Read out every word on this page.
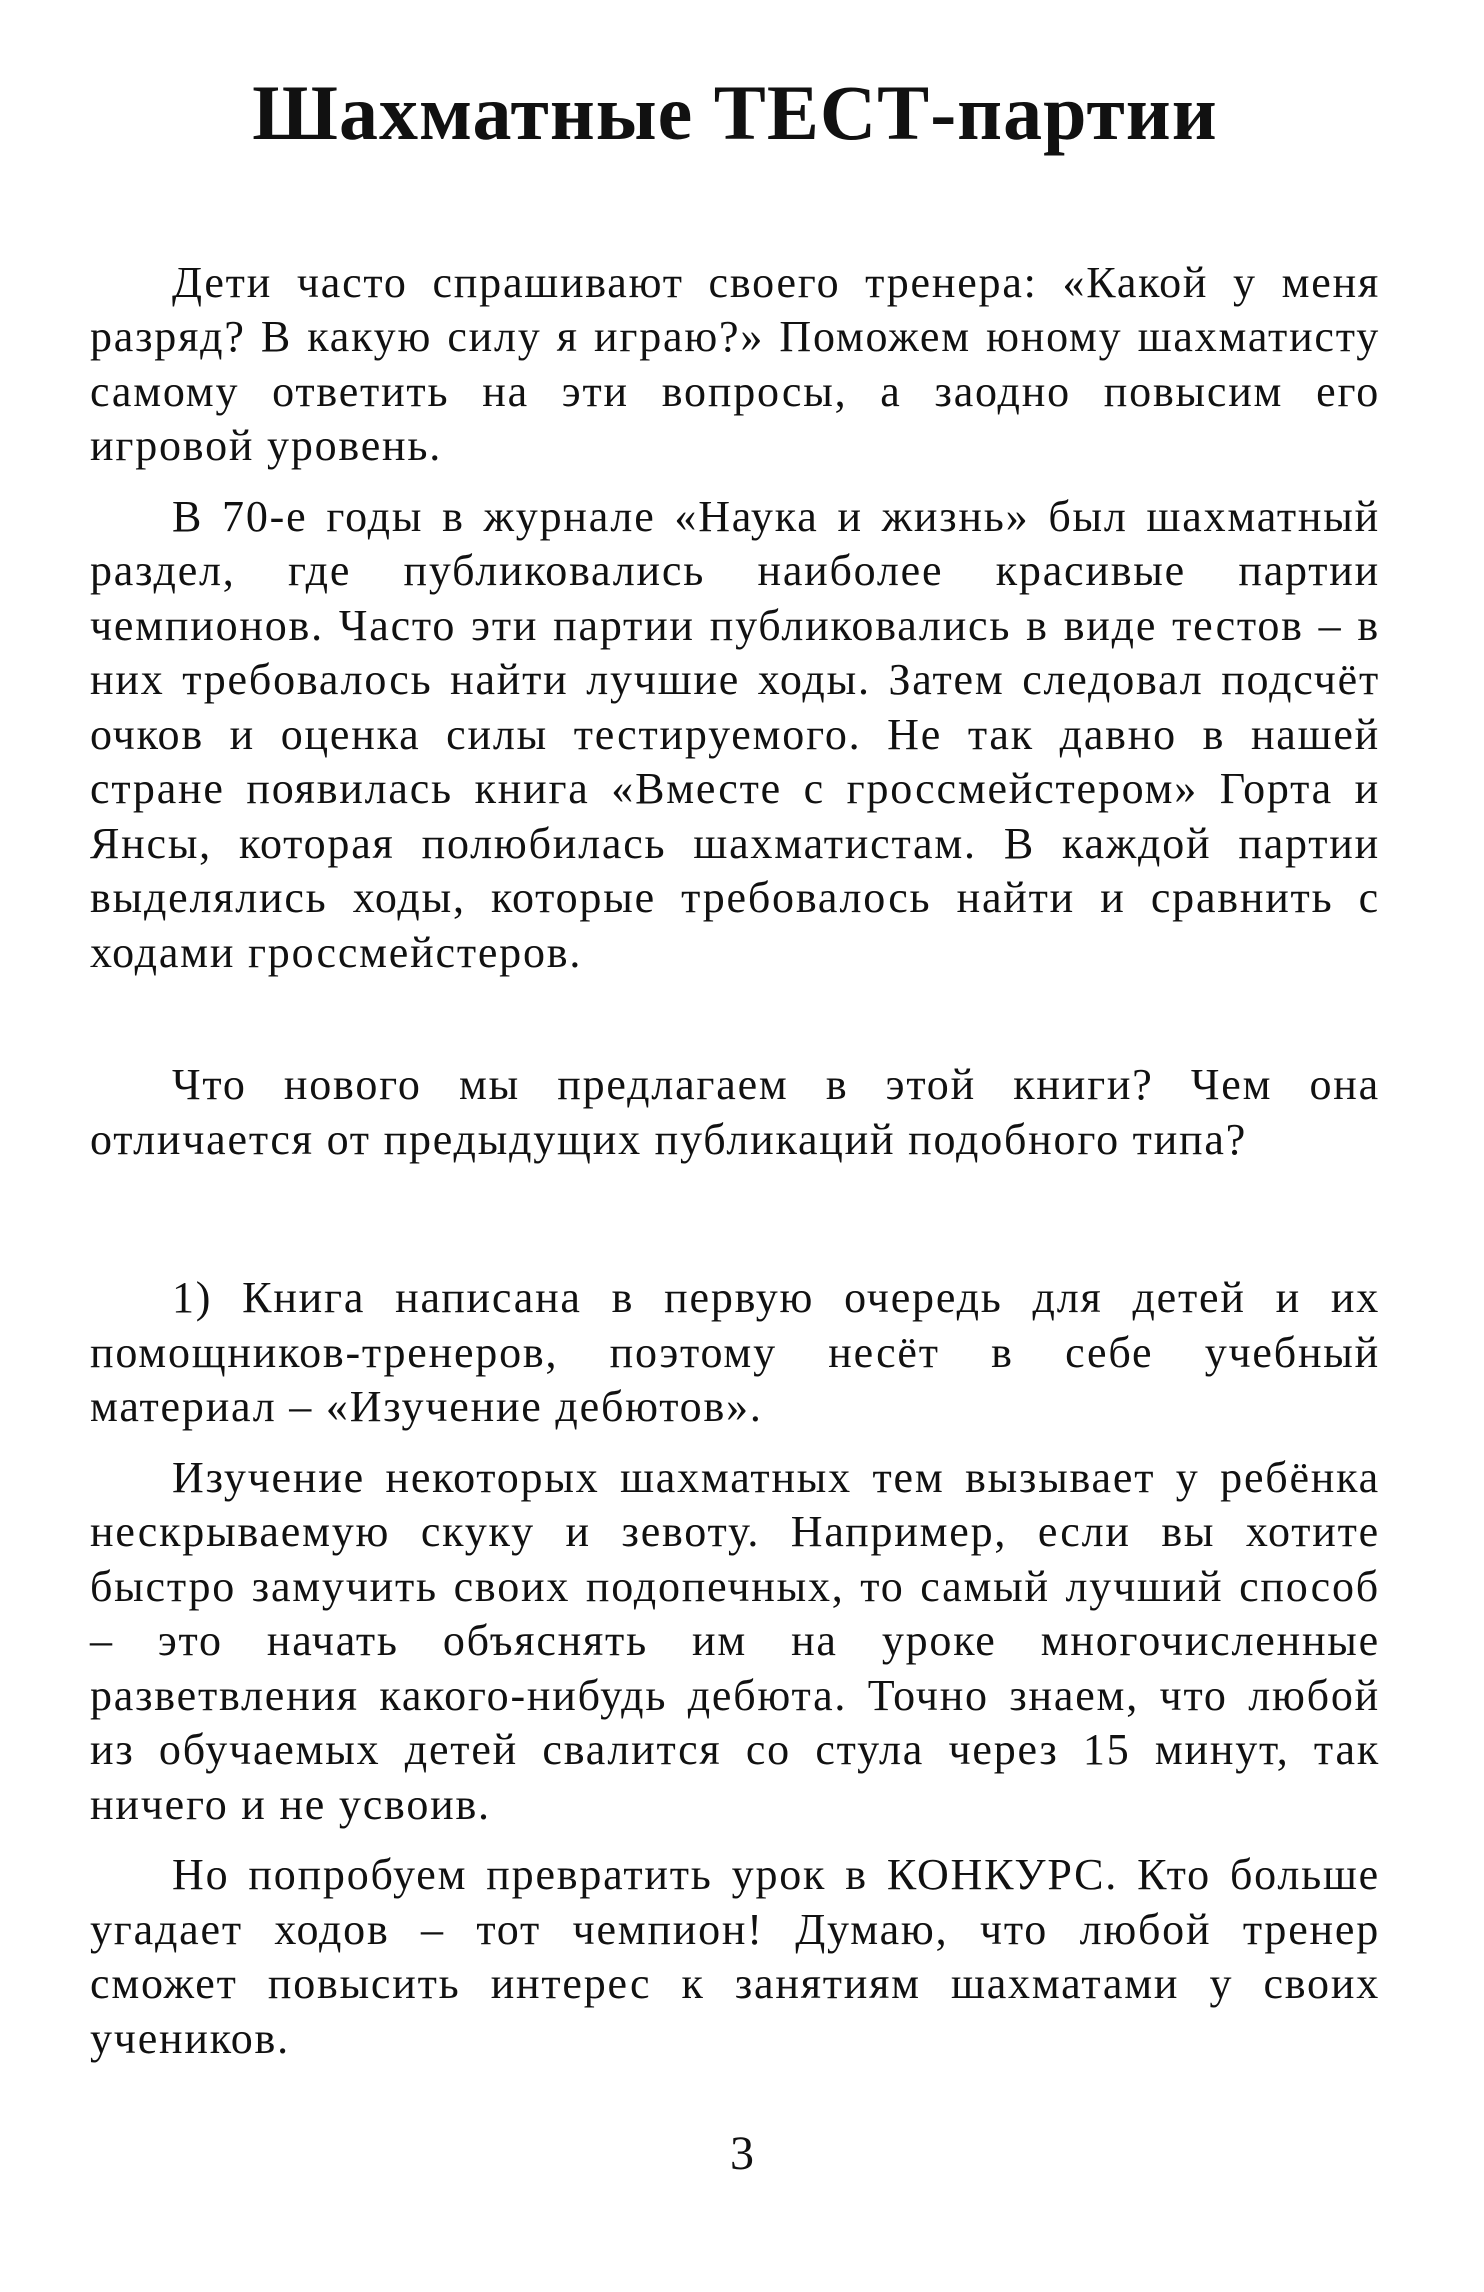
Шахматные ТЕСТ-партии

Дети часто спрашивают своего тренера: «Какой у меня разряд? В какую силу я играю?» Поможем юному шахматисту самому ответить на эти вопросы, а заодно повысим его игровой уровень.

В 70-е годы в журнале «Наука и жизнь» был шахматный раздел, где публиковались наиболее красивые партии чемпионов. Часто эти партии публиковались в виде тестов – в них требовалось найти лучшие ходы. Затем следовал подсчёт очков и оценка силы тестируемого. Не так давно в нашей стране появилась книга «Вместе с гроссмейстером» Горта и Янсы, которая полюбилась шахматистам. В каждой партии выделялись ходы, которые требовалось найти и сравнить с ходами гроссмейстеров.

Что нового мы предлагаем в этой книги? Чем она отличается от предыдущих публикаций подобного типа?

1) Книга написана в первую очередь для детей и их помощников-тренеров, поэтому несёт в себе учебный материал – «Изучение дебютов».

Изучение некоторых шахматных тем вызывает у ребёнка нескрываемую скуку и зевоту. Например, если вы хотите быстро замучить своих подопечных, то самый лучший способ – это начать объяснять им на уроке многочисленные разветвления какого-нибудь дебюта. Точно знаем, что любой из обучаемых детей свалится со стула через 15 минут, так ничего и не усвоив.

Но попробуем превратить урок в КОНКУРС. Кто больше угадает ходов – тот чемпион! Думаю, что любой тренер сможет повысить интерес к занятиям шахматами у своих учеников.

3
